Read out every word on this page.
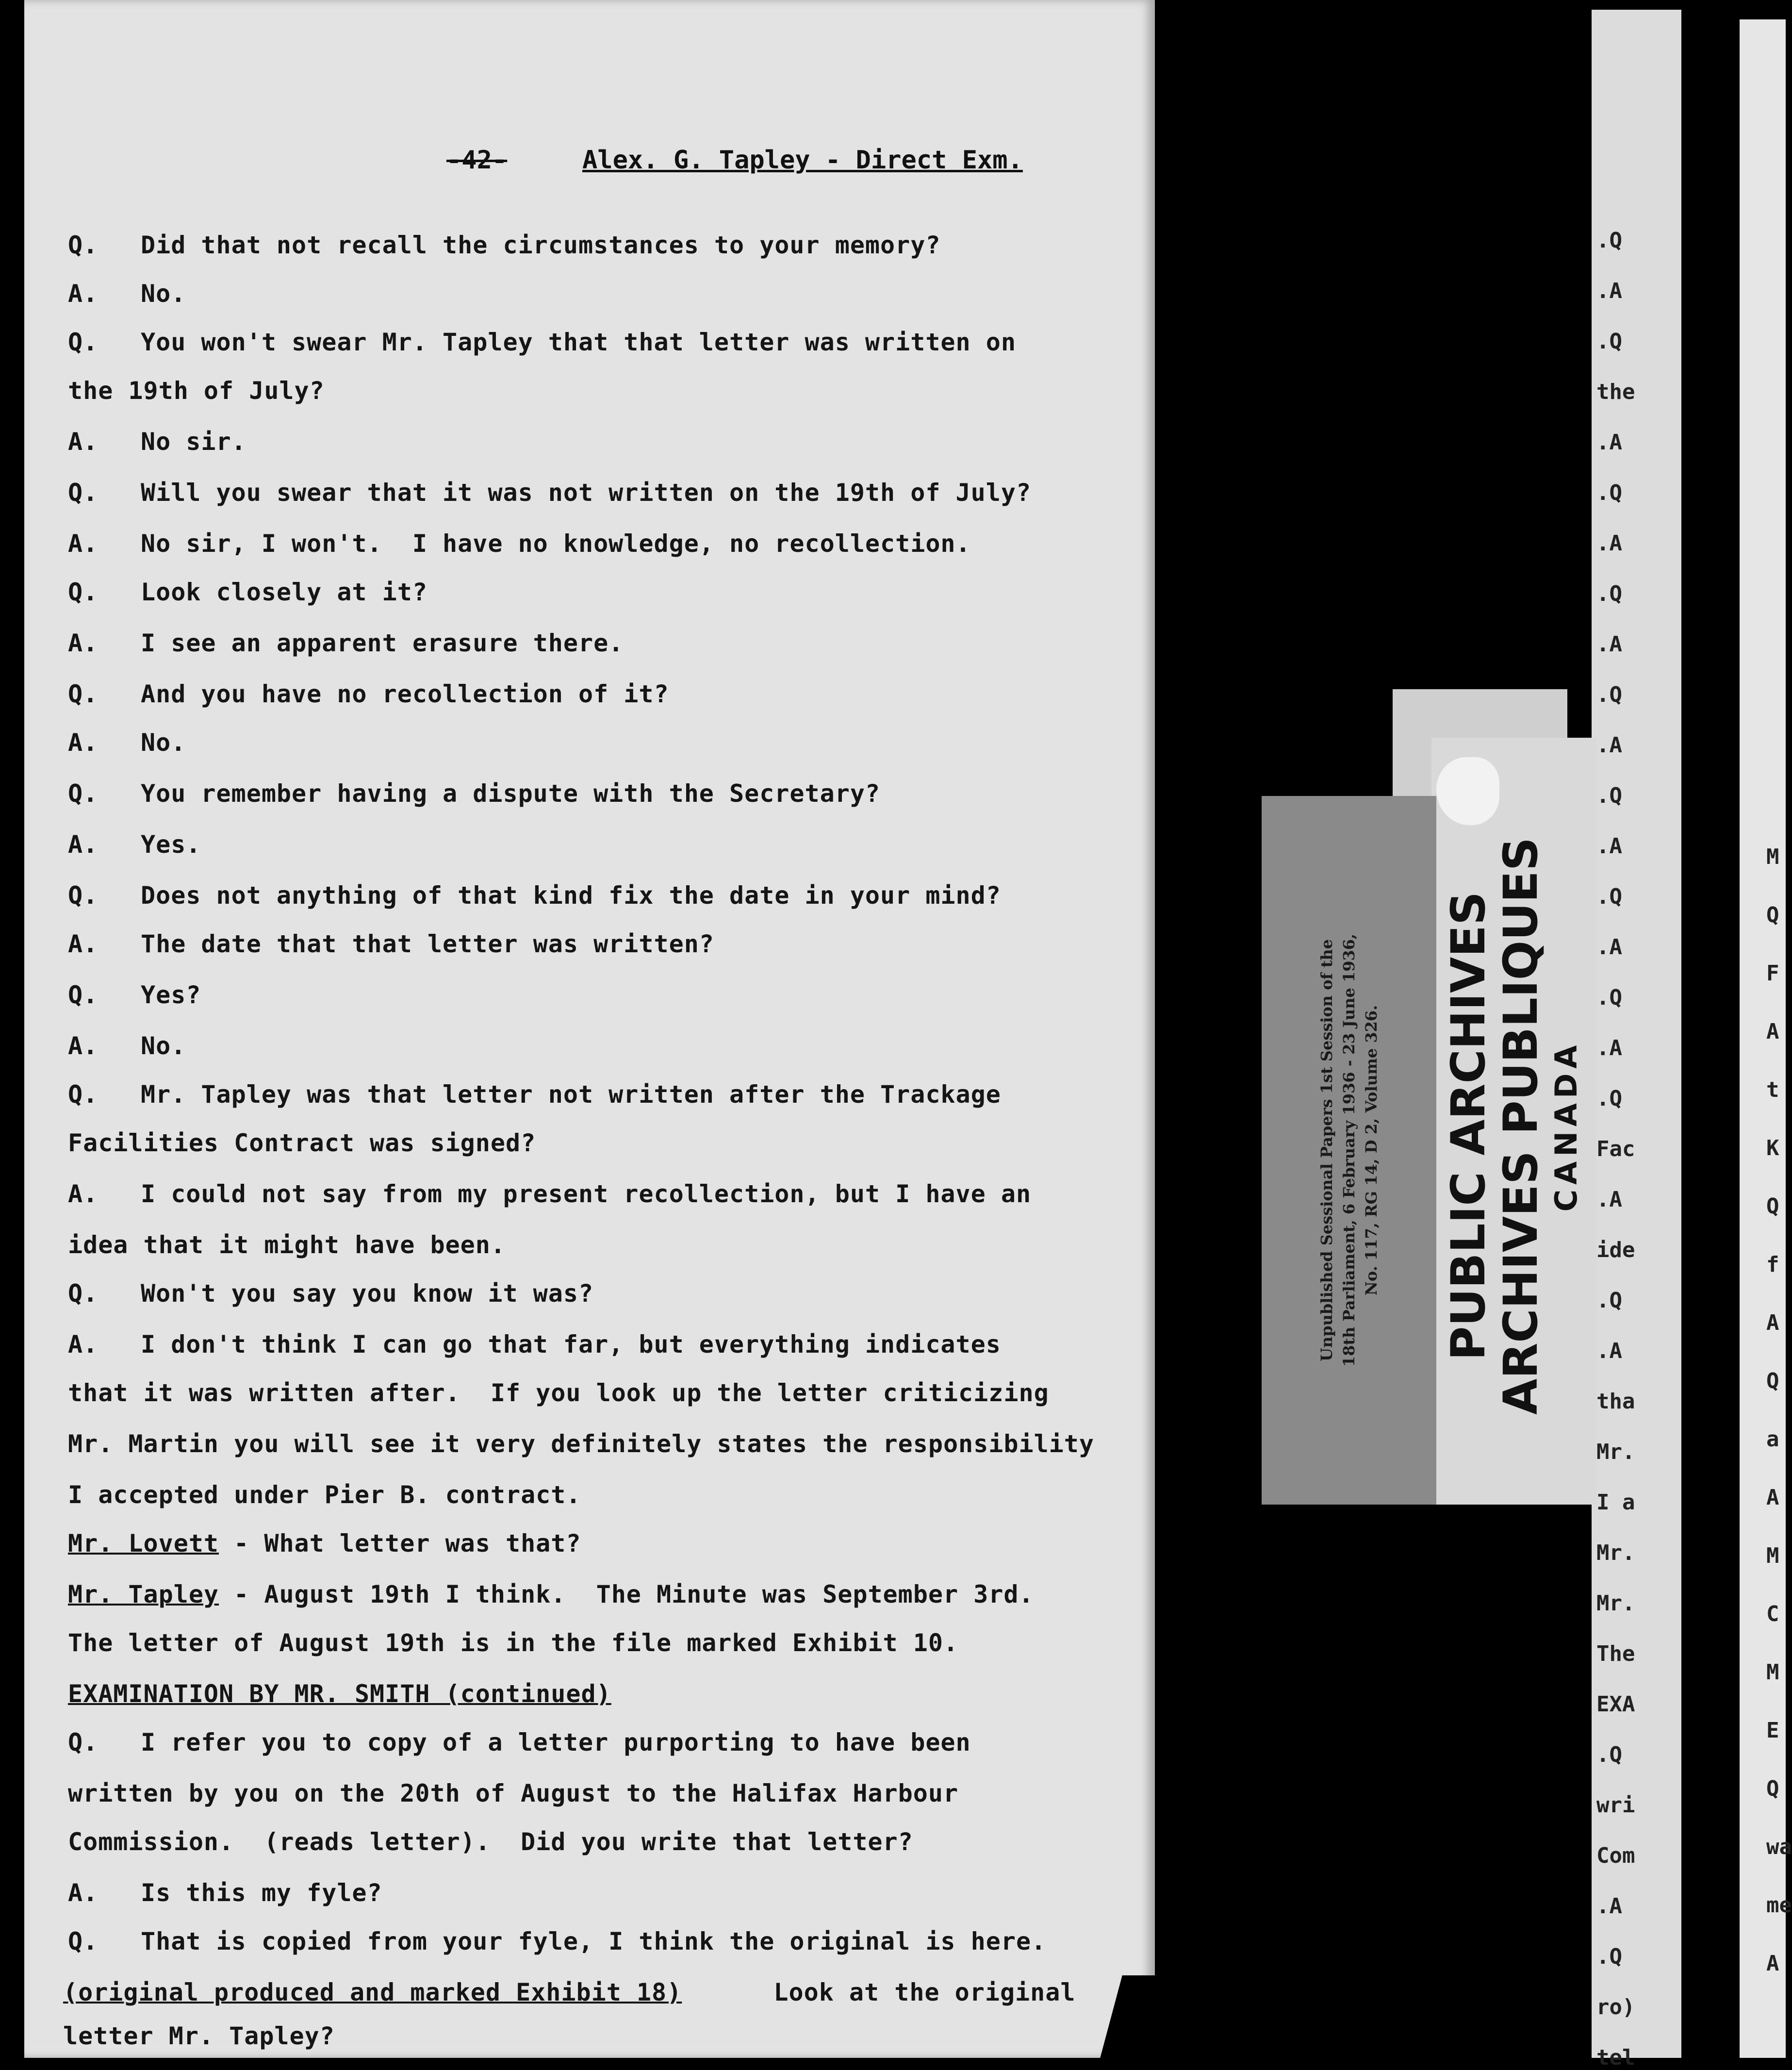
-42-	Alex. G. Tapley - Direct Exm.
Q. Did that not recall the circumstances to your memory?
A. No.
Q. You won't swear Mr. Tapley that that letter was written on
the 19th of July?
A. No sir.
Q. Will you swear that it was not written on the 19th of July?
A. No sir, I won't.  I have no knowledge, no recollection.
Q. Look closely at it?
A. I see an apparent erasure there.
Q. And you have no recollection of it?
A. No.
Q. You remember having a dispute with the Secretary?
A. Yes.
Q. Does not anything of that kind fix the date in your mind?
A. The date that that letter was written?
Q. Yes?
A. No.
Q. Mr. Tapley was that letter not written after the Trackage
Facilities Contract was signed?
A. I could not say from my present recollection, but I have an
idea that it might have been.
Q. Won't you say you know it was?
A. I don't think I can go that far, but everything indicates
that it was written after.  If you look up the letter criticizing
Mr. Martin you will see it very definitely states the responsibility
I accepted under Pier B. contract.
Mr. Lovett - What letter was that?
Mr. Tapley - August 19th I think.  The Minute was September 3rd.
The letter of August 19th is in the file marked Exhibit 10.
EXAMINATION BY MR. SMITH (continued)
Q. I refer you to copy of a letter purporting to have been
written by you on the 20th of August to the Halifax Harbour
Commission.  (reads letter).  Did you write that letter?
A. Is this my fyle?
Q. That is copied from your fyle, I think the original is here.
(original produced and marked Exhibit 18) Look at the original
letter Mr. Tapley?
.Q
.A
.Q
the
.A
.Q
.A
.Q
.A
.Q
.A
.Q
.A
.Q
.A
.Q
.A
.Q
Fac
.A
ide
.Q
.A
tha
Mr.
I a
Mr.
Mr.
The
EXA
.Q
wri
Com
.A
.Q
ro)
tel
M
Q
F
A
t
K
Q
f
A
Q
a
A
M
C
M
E
Q
wa
me
A
Unpublished Sessional Papers 1st Session of the 18th Parliament, 6 February 1936 - 23 June 1936, No. 117, RG 14, D 2, Volume 326. PUBLIC ARCHIVES
ARCHIVES PUBLIQUES CANADA
